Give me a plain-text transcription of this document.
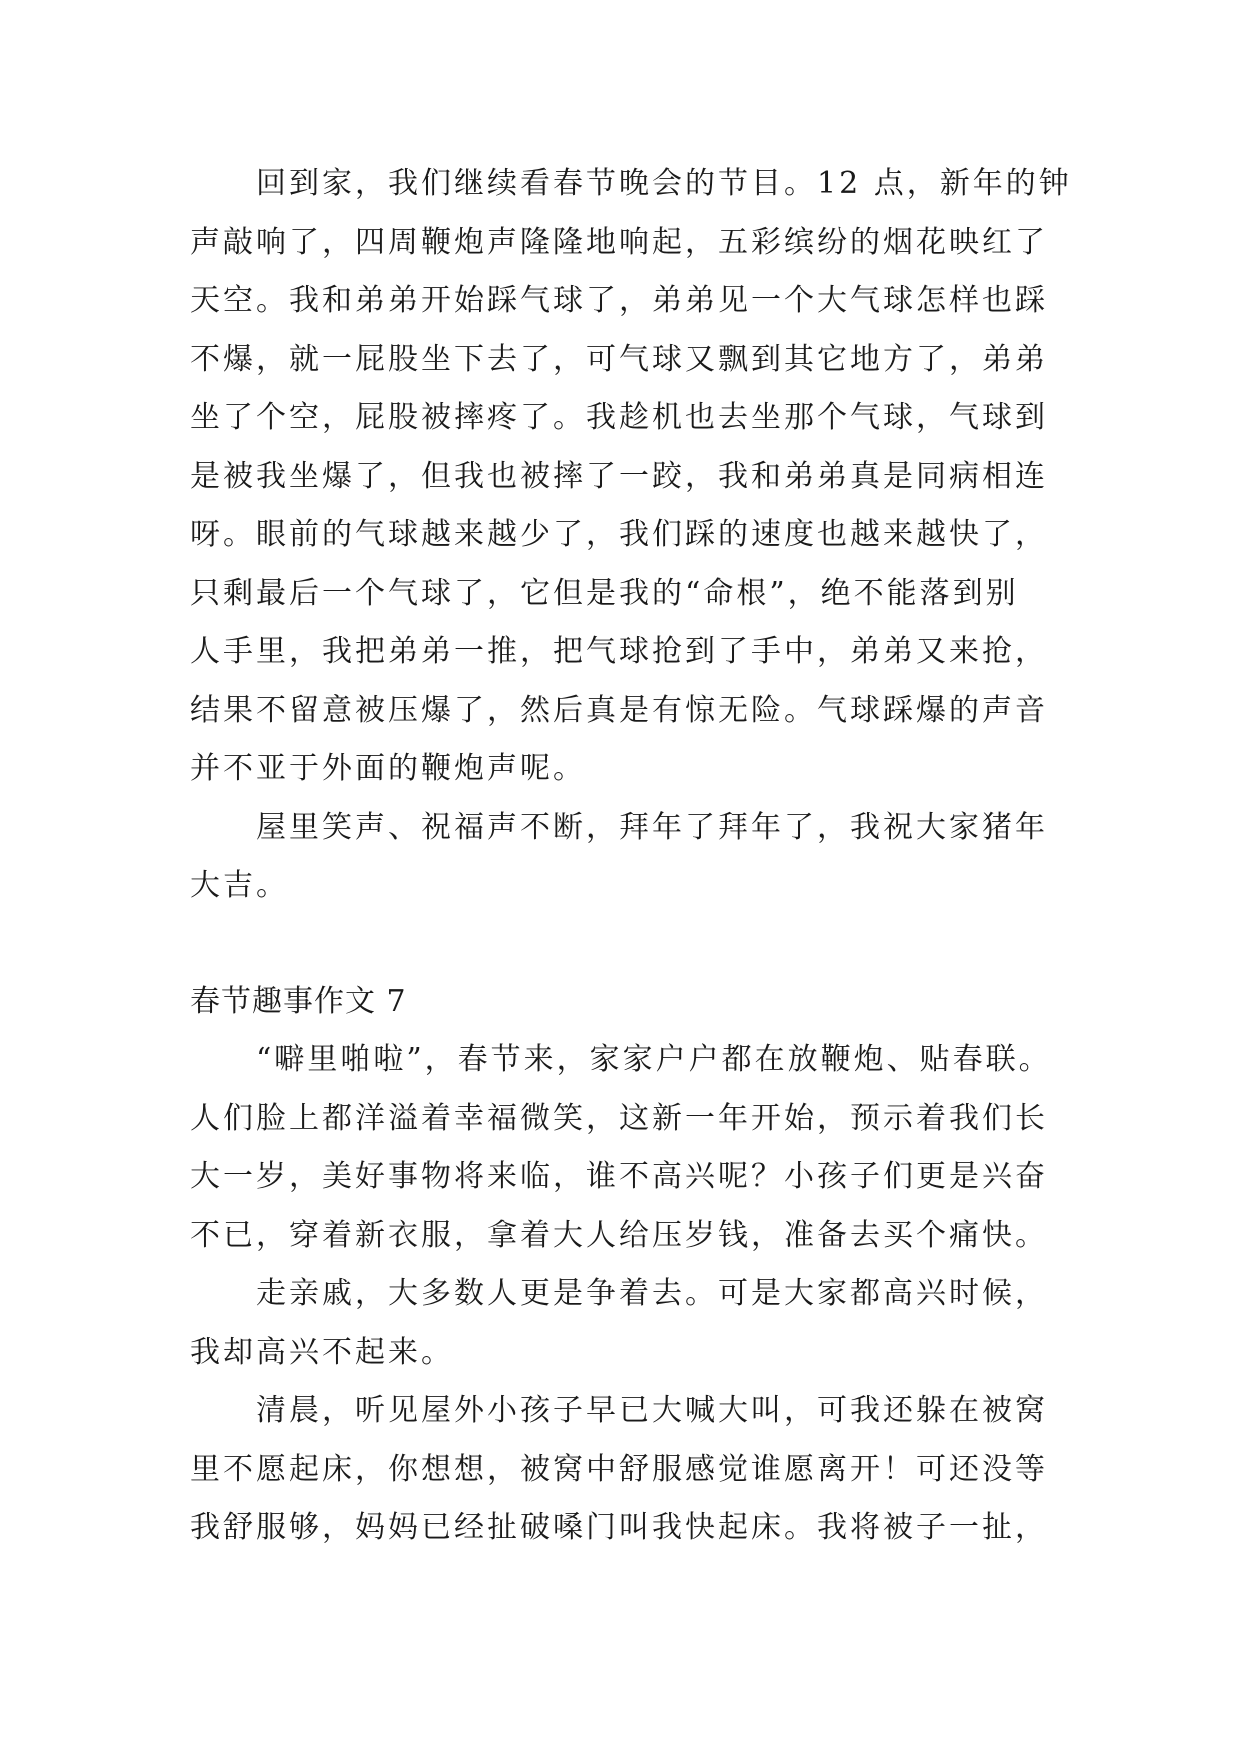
回到家，我们继续看春节晚会的节目。12 点，新年的钟
声敲响了，四周鞭炮声隆隆地响起，五彩缤纷的烟花映红了
天空。我和弟弟开始踩气球了，弟弟见一个大气球怎样也踩
不爆，就一屁股坐下去了，可气球又飘到其它地方了，弟弟
坐了个空，屁股被摔疼了。我趁机也去坐那个气球，气球到
是被我坐爆了，但我也被摔了一跤，我和弟弟真是同病相连
呀。眼前的气球越来越少了，我们踩的速度也越来越快了，
只剩最后一个气球了，它但是我的“命根”，绝不能落到别
人手里，我把弟弟一推，把气球抢到了手中，弟弟又来抢，
结果不留意被压爆了，然后真是有惊无险。气球踩爆的声音
并不亚于外面的鞭炮声呢。
屋里笑声、祝福声不断，拜年了拜年了，我祝大家猪年
大吉。
春节趣事作文 7
“噼里啪啦”，春节来，家家户户都在放鞭炮、贴春联。
人们脸上都洋溢着幸福微笑，这新一年开始，预示着我们长
大一岁，美好事物将来临，谁不高兴呢？小孩子们更是兴奋
不已，穿着新衣服，拿着大人给压岁钱，准备去买个痛快。
走亲戚，大多数人更是争着去。可是大家都高兴时候，
我却高兴不起来。
清晨，听见屋外小孩子早已大喊大叫，可我还躲在被窝
里不愿起床，你想想，被窝中舒服感觉谁愿离开！可还没等
我舒服够，妈妈已经扯破嗓门叫我快起床。我将被子一扯，
